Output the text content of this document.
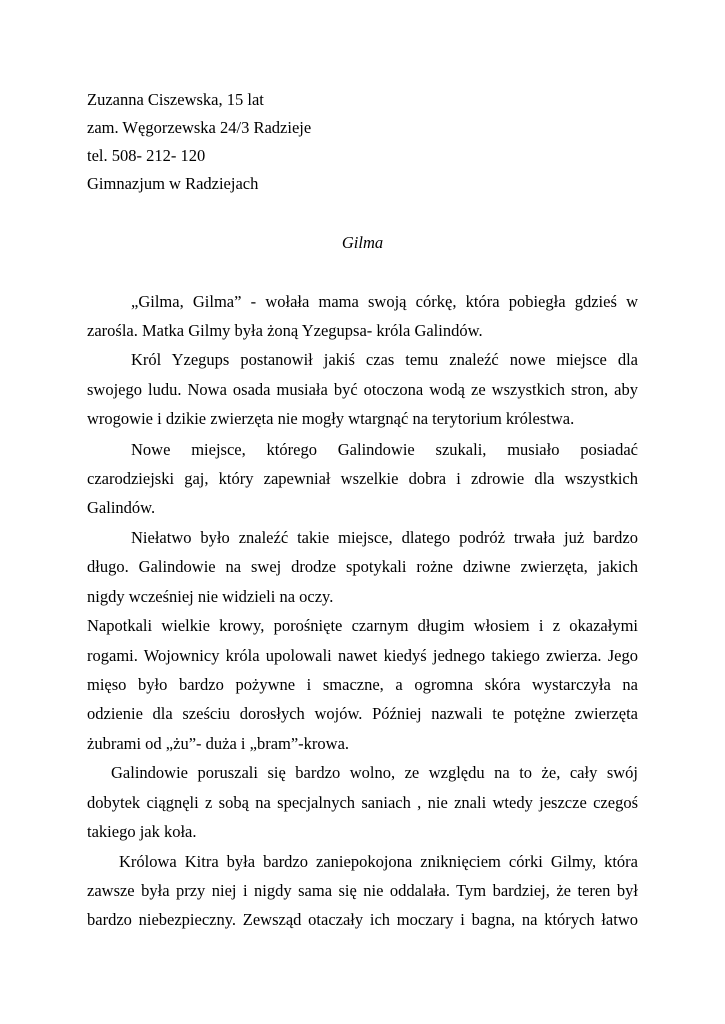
Zuzanna Ciszewska, 15 lat
zam. Węgorzewska 24/3 Radzieje
tel. 508- 212- 120
Gimnazjum w Radziejach
Gilma
„Gilma, Gilma” - wołała mama swoją córkę, która pobiegła gdzieś w
zarośla. Matka Gilmy była żoną Yzegupsa- króla Galindów.
Król Yzegups postanowił jakiś czas temu znaleźć nowe miejsce dla
swojego ludu. Nowa osada musiała być otoczona wodą ze wszystkich stron, aby
wrogowie i dzikie zwierzęta nie mogły wtargnąć na terytorium królestwa.
Nowe miejsce, którego Galindowie szukali, musiało posiadać
czarodziejski gaj, który zapewniał wszelkie dobra i zdrowie dla wszystkich
Galindów.
Niełatwo było znaleźć takie miejsce, dlatego podróż trwała już bardzo
długo. Galindowie na swej drodze spotykali rożne dziwne zwierzęta, jakich
nigdy wcześniej nie widzieli na oczy.
Napotkali wielkie krowy, porośnięte czarnym długim włosiem i z okazałymi
rogami. Wojownicy króla upolowali nawet kiedyś jednego takiego zwierza. Jego
mięso było bardzo pożywne i smaczne, a ogromna skóra wystarczyła na
odzienie dla sześciu dorosłych wojów. Później nazwali te potężne zwierzęta
żubrami od „żu”- duża i „bram”-krowa.
Galindowie poruszali się bardzo wolno, ze względu na to że, cały swój
dobytek ciągnęli z sobą na specjalnych saniach , nie znali wtedy jeszcze czegoś
takiego jak koła.
Królowa Kitra była bardzo zaniepokojona zniknięciem córki Gilmy, która
zawsze była przy niej i nigdy sama się nie oddalała. Tym bardziej, że teren był
bardzo niebezpieczny. Zewsząd otaczały ich moczary i bagna, na których łatwo
